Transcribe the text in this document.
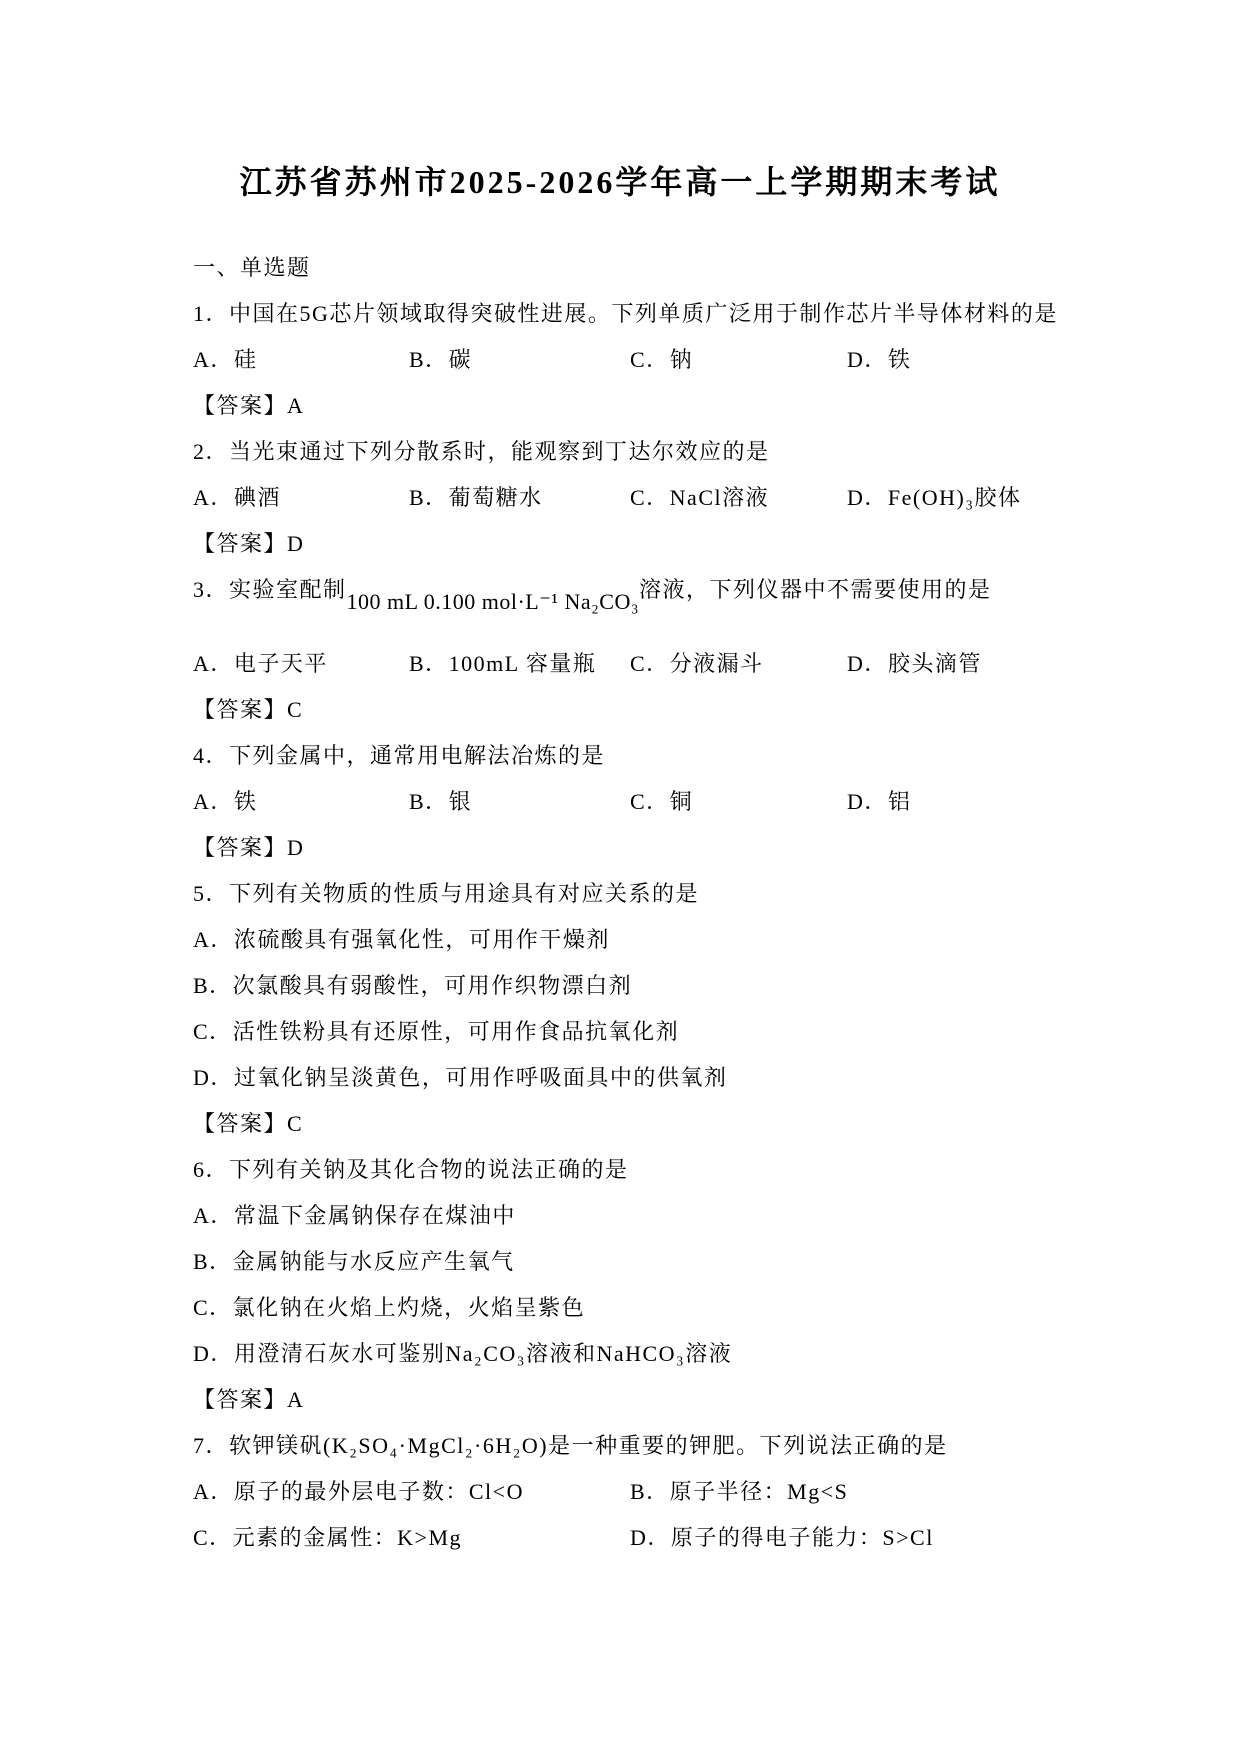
江苏省苏州市2025-2026学年高一上学期期末考试
一、单选题
1．中国在5G芯片领域取得突破性进展。下列单质广泛用于制作芯片半导体材料的是
A．硅	B．碳	C．钠	D．铁
【答案】A
2．当光束通过下列分散系时，能观察到丁达尔效应的是
A．碘酒	B．葡萄糖水	C．NaCl溶液	D．Fe(OH)₃胶体
【答案】D
3．实验室配制100 mL 0.100 mol·L⁻¹ Na₂CO₃溶液，下列仪器中不需要使用的是
A．电子天平	B．100mL 容量瓶	C．分液漏斗	D．胶头滴管
【答案】C
4．下列金属中，通常用电解法冶炼的是
A．铁	B．银	C．铜	D．铝
【答案】D
5．下列有关物质的性质与用途具有对应关系的是
A．浓硫酸具有强氧化性，可用作干燥剂
B．次氯酸具有弱酸性，可用作织物漂白剂
C．活性铁粉具有还原性，可用作食品抗氧化剂
D．过氧化钠呈淡黄色，可用作呼吸面具中的供氧剂
【答案】C
6．下列有关钠及其化合物的说法正确的是
A．常温下金属钠保存在煤油中
B．金属钠能与水反应产生氧气
C．氯化钠在火焰上灼烧，火焰呈紫色
D．用澄清石灰水可鉴别Na₂CO₃溶液和NaHCO₃溶液
【答案】A
7．软钾镁矾(K₂SO₄·MgCl₂·6H₂O)是一种重要的钾肥。下列说法正确的是
A．原子的最外层电子数：Cl<O	B．原子半径：Mg<S
C．元素的金属性：K>Mg	D．原子的得电子能力：S>Cl
